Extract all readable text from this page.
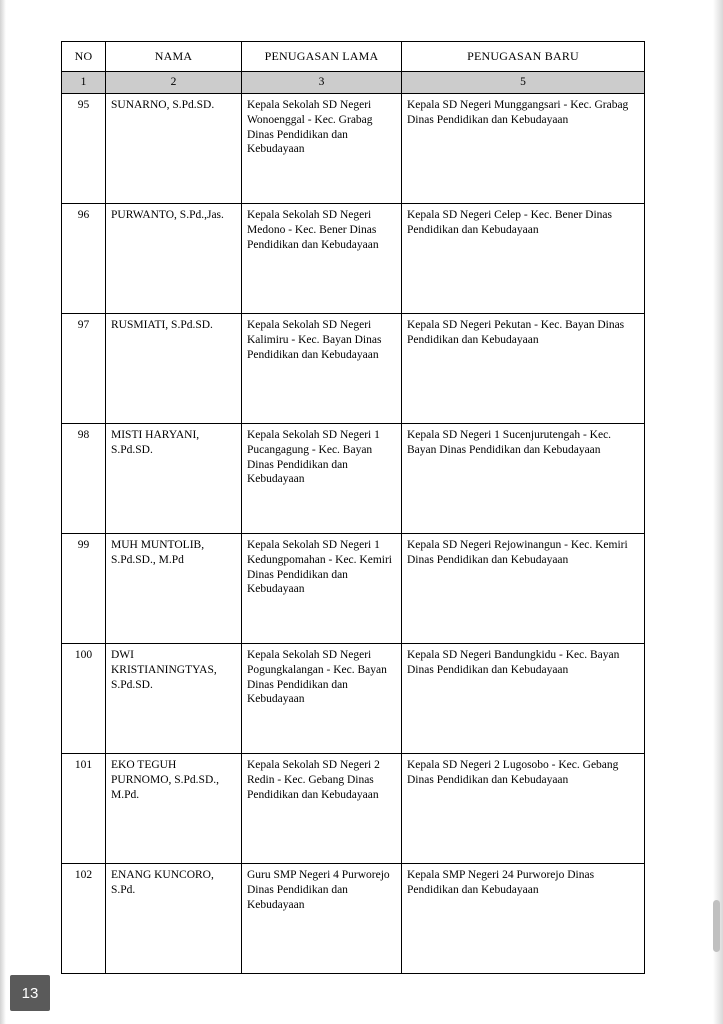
NO	NAMA	PENUGASAN LAMA	PENUGASAN BARU
1	2	3	5
95	SUNARNO, S.Pd.SD.	Kepala Sekolah SD Negeri Wonoenggal - Kec. Grabag Dinas Pendidikan dan Kebudayaan	Kepala SD Negeri Munggangsari - Kec. Grabag Dinas Pendidikan dan Kebudayaan
96	PURWANTO, S.Pd.,Jas.	Kepala Sekolah SD Negeri Medono - Kec. Bener Dinas Pendidikan dan Kebudayaan	Kepala SD Negeri Celep - Kec. Bener Dinas Pendidikan dan Kebudayaan
97	RUSMIATI, S.Pd.SD.	Kepala Sekolah SD Negeri Kalimiru - Kec. Bayan Dinas Pendidikan dan Kebudayaan	Kepala SD Negeri Pekutan - Kec. Bayan Dinas Pendidikan dan Kebudayaan
98	MISTI HARYANI, S.Pd.SD.	Kepala Sekolah SD Negeri 1 Pucangagung - Kec. Bayan Dinas Pendidikan dan Kebudayaan	Kepala SD Negeri 1 Sucenjurutengah - Kec. Bayan Dinas Pendidikan dan Kebudayaan
99	MUH MUNTOLIB, S.Pd.SD., M.Pd	Kepala Sekolah SD Negeri 1 Kedungpomahan - Kec. Kemiri Dinas Pendidikan dan Kebudayaan	Kepala SD Negeri Rejowinangun - Kec. Kemiri Dinas Pendidikan dan Kebudayaan
100	DWI KRISTIANINGTYAS, S.Pd.SD.	Kepala Sekolah SD Negeri Pogungkalangan - Kec. Bayan Dinas Pendidikan dan Kebudayaan	Kepala SD Negeri Bandungkidu - Kec. Bayan Dinas Pendidikan dan Kebudayaan
101	EKO TEGUH PURNOMO, S.Pd.SD., M.Pd.	Kepala Sekolah SD Negeri 2 Redin - Kec. Gebang Dinas Pendidikan dan Kebudayaan	Kepala SD Negeri 2 Lugosobo - Kec. Gebang Dinas Pendidikan dan Kebudayaan
102	ENANG KUNCORO, S.Pd.	Guru SMP Negeri 4 Purworejo Dinas Pendidikan dan Kebudayaan	Kepala SMP Negeri 24 Purworejo Dinas Pendidikan dan Kebudayaan
13
